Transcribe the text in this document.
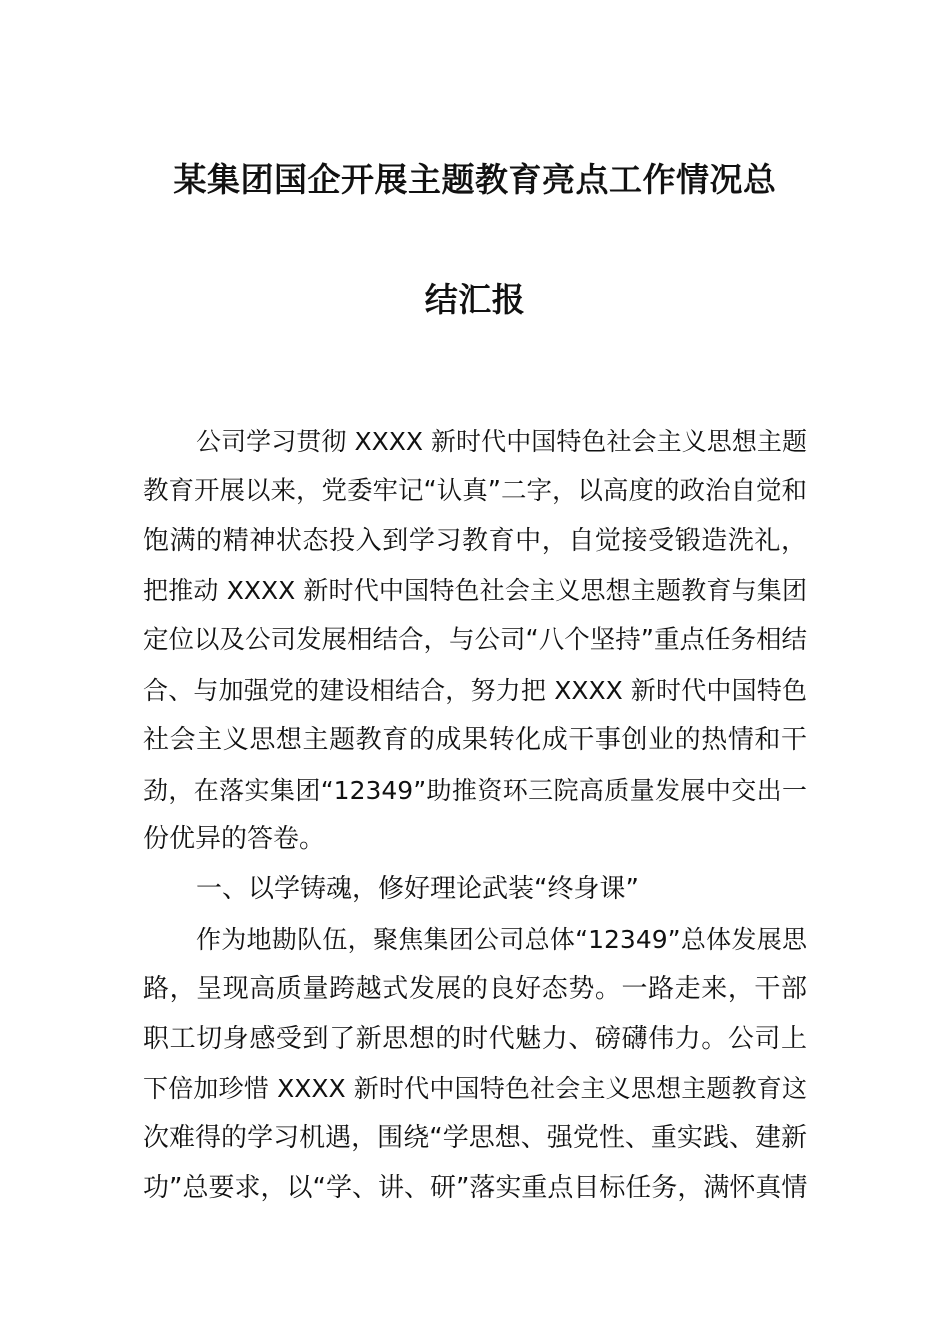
某集团国企开展主题教育亮点工作情况总
结汇报
公司学习贯彻 XXXX 新时代中国特色社会主义思想主题
教育开展以来，党委牢记“认真”二字，以高度的政治自觉和
饱满的精神状态投入到学习教育中，自觉接受锻造洗礼，
把推动 XXXX 新时代中国特色社会主义思想主题教育与集团
定位以及公司发展相结合，与公司“八个坚持”重点任务相结
合、与加强党的建设相结合，努力把 XXXX 新时代中国特色
社会主义思想主题教育的成果转化成干事创业的热情和干
劲，在落实集团“12349”助推资环三院高质量发展中交出一
份优异的答卷。
一、以学铸魂，修好理论武装“终身课”
作为地勘队伍，聚焦集团公司总体“12349”总体发展思
路，呈现高质量跨越式发展的良好态势。一路走来，干部
职工切身感受到了新思想的时代魅力、磅礴伟力。公司上
下倍加珍惜 XXXX 新时代中国特色社会主义思想主题教育这
次难得的学习机遇，围绕“学思想、强党性、重实践、建新
功”总要求，以“学、讲、研”落实重点目标任务，满怀真情
